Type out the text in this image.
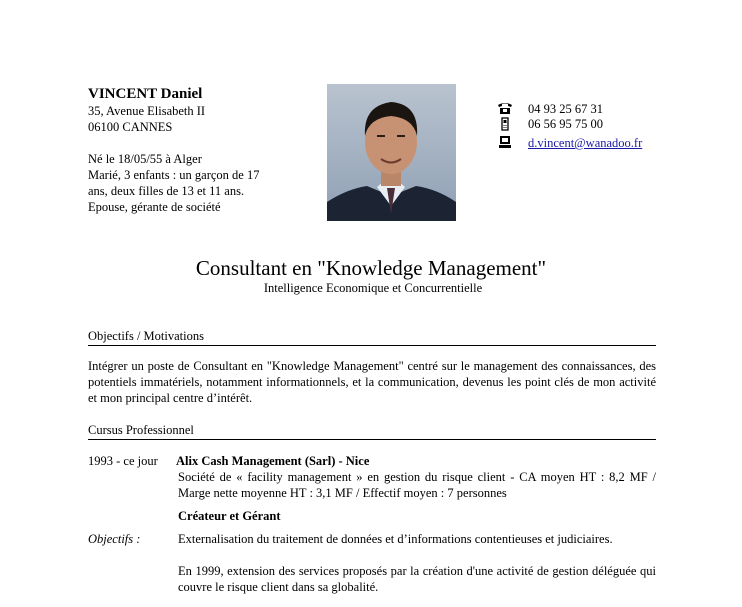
VINCENT Daniel
35, Avenue Elisabeth II
06100 CANNES
Né le 18/05/55 à Alger
Marié, 3 enfants : un garçon de 17
ans, deux filles de 13 et 11 ans.
Epouse, gérante de société
04 93 25 67 31
06 56 95 75 00
d.vincent@wanadoo.fr
Consultant en "Knowledge Management"
Intelligence Economique et Concurrentielle
Objectifs / Motivations
Intégrer un poste de Consultant en "Knowledge Management" centré sur le management des connaissances, des potentiels immatériels, notamment informationnels, et la communication, devenus les point clés de mon activité et mon principal centre d’intérêt.
Cursus Professionnel
1993 - ce jour Alix Cash Management (Sarl) - Nice
Société de « facility management » en gestion du risque client - CA moyen HT : 8,2 MF / Marge nette moyenne HT : 3,1 MF / Effectif moyen : 7 personnes
Créateur et Gérant
Objectifs :	Externalisation du traitement de données et d’informations contentieuses et judiciaires.
En 1999, extension des services proposés par la création d'une activité de gestion déléguée qui couvre le risque client dans sa globalité.
